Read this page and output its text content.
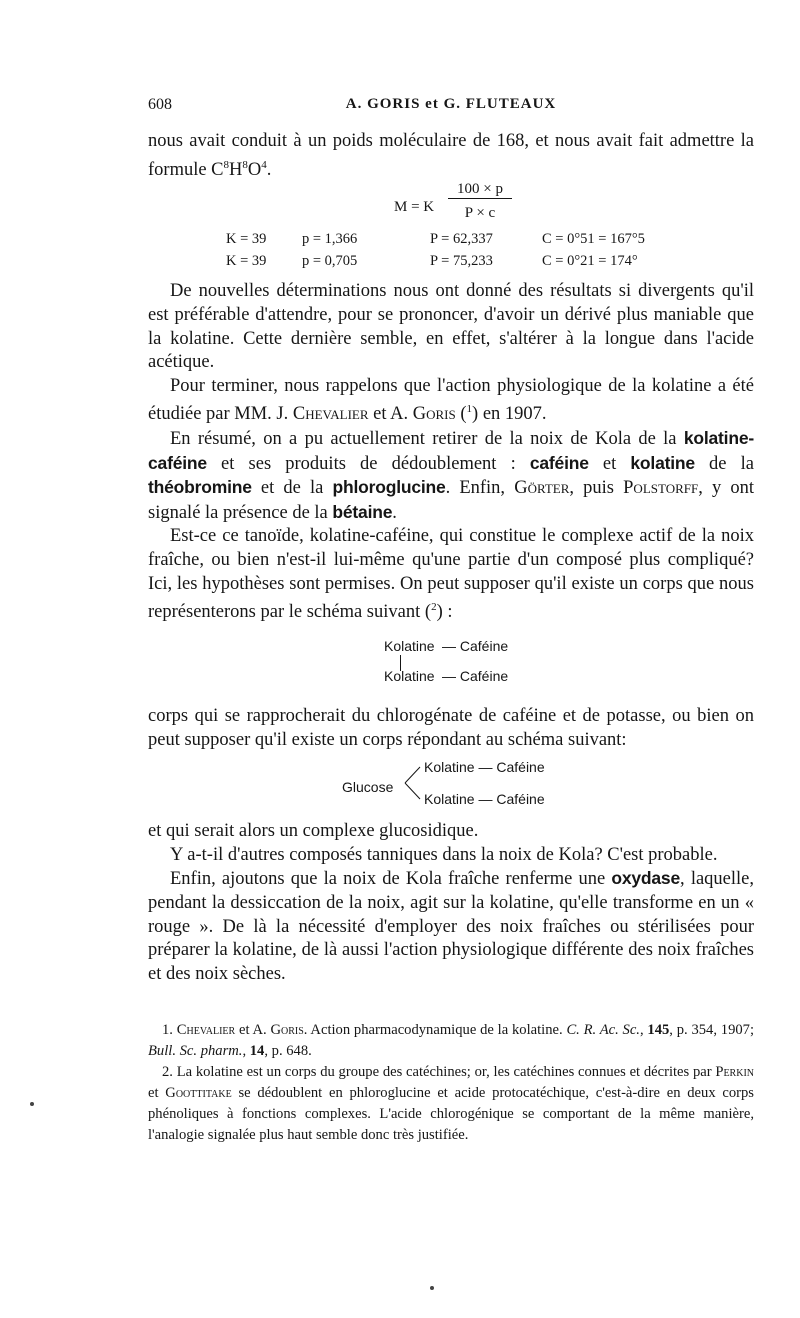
608	A. GORIS et G. FLUTEAUX

nous avait conduit à un poids moléculaire de 168, et nous avait fait admettre la formule $C^8H^8O^4$.

M = K
100 × p
P × c
K = 39 p = 1,366	P = 62,337	C = 0°51 = 167°5
K = 39 p = 0,705	P = 75,233	C = 0°21 = 174°

De nouvelles déterminations nous ont donné des résultats si divergents qu'il est préférable d'attendre, pour se prononcer, d'avoir un dérivé plus maniable que la kolatine. Cette dernière semble, en effet, s'altérer à la longue dans l'acide acétique.

Pour terminer, nous rappelons que l'action physiologique de la kolatine a été étudiée par MM. J. Chevalier et A. Goris ($^1$) en 1907.

En résumé, on a pu actuellement retirer de la noix de Kola de la kolatine-caféine et ses produits de dédoublement : caféine et kolatine de la théobromine et de la phloroglucine. Enfin, Görter, puis Polstorff, y ont signalé la présence de la bétaine.

Est-ce ce tanoïde, kolatine-caféine, qui constitue le complexe actif de la noix fraîche, ou bien n'est-il lui-même qu'une partie d'un composé plus compliqué? Ici, les hypothèses sont permises. On peut supposer qu'il existe un corps que nous représenterons par le schéma suivant ($^2$) :

Kolatine — Caféine
Kolatine — Caféine

corps qui se rapprocherait du chlorogénate de caféine et de potasse, ou bien on peut supposer qu'il existe un corps répondant au schéma suivant:

Glucose
Kolatine — Caféine
Kolatine — Caféine

et qui serait alors un complexe glucosidique.

Y a-t-il d'autres composés tanniques dans la noix de Kola? C'est probable.

Enfin, ajoutons que la noix de Kola fraîche renferme une oxydase, laquelle, pendant la dessiccation de la noix, agit sur la kolatine, qu'elle transforme en un « rouge ». De là la nécessité d'employer des noix fraîches ou stérilisées pour préparer la kolatine, de là aussi l'action physiologique différente des noix fraîches et des noix sèches.

1. Chevalier et A. Goris. Action pharmacodynamique de la kolatine. C. R. Ac. Sc., 145, p. 354, 1907; Bull. Sc. pharm., 14, p. 648.

2. La kolatine est un corps du groupe des catéchines; or, les catéchines connues et décrites par Perkin et Goottitake se dédoublent en phloroglucine et acide protocatéchique, c'est-à-dire en deux corps phénoliques à fonctions complexes. L'acide chlorogénique se comportant de la même manière, l'analogie signalée plus haut semble donc très justifiée.
